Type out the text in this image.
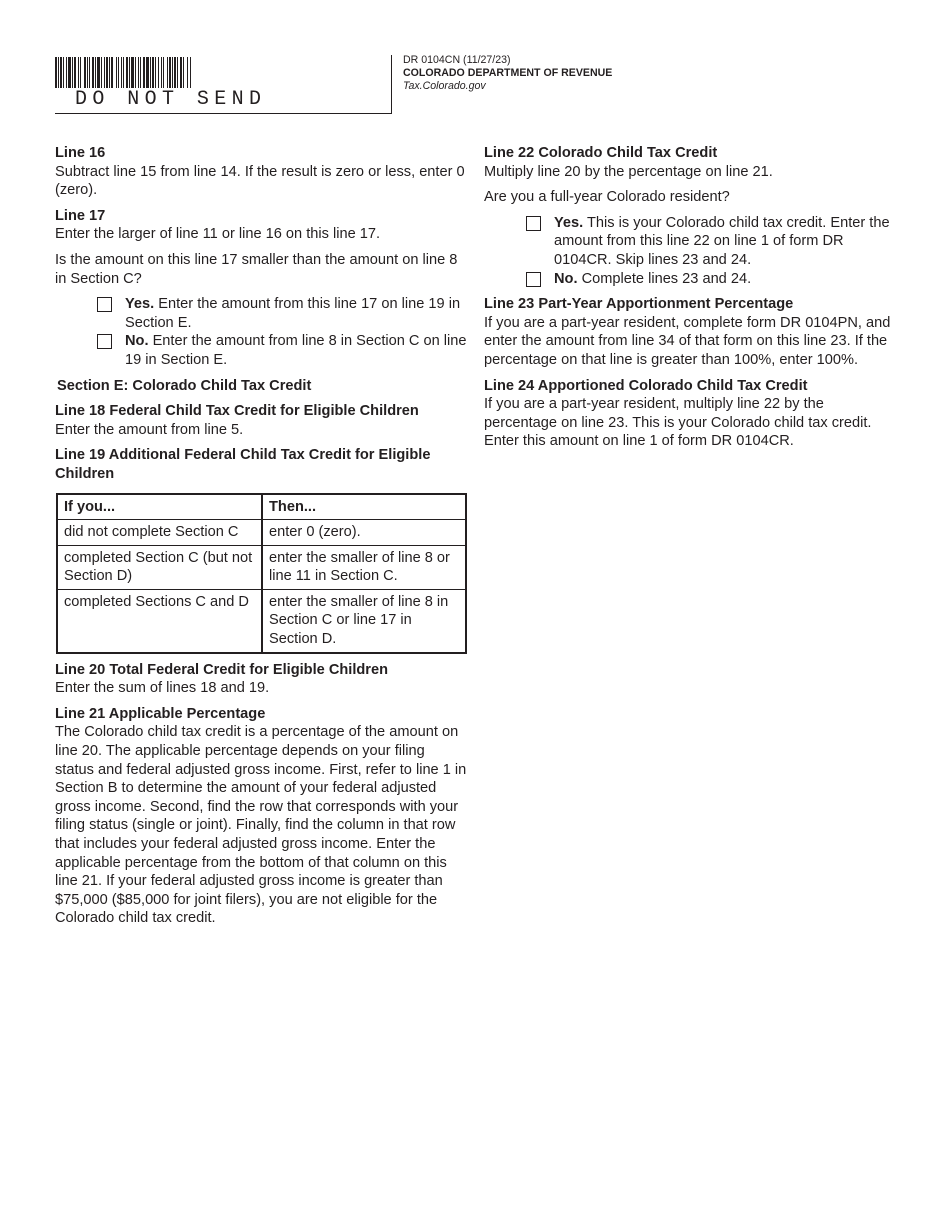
DO NOT SEND
DR 0104CN (11/27/23)
COLORADO DEPARTMENT OF REVENUE
Tax.Colorado.gov
Line 16
Subtract line 15 from line 14. If the result is zero or less, enter 0 (zero).
Line 17

Enter the larger of line 11 or line 16 on this line 17.

Is the amount on this line 17 smaller than the amount on line 8 in Section C?

Yes. Enter the amount from this line 17 on line 19 in Section E.
No. Enter the amount from line 8 in Section C on line 19 in Section E.
Section E: Colorado Child Tax Credit
Line 18 Federal Child Tax Credit for Eligible Children
Enter the amount from line 5.
Line 19 Additional Federal Child Tax Credit for Eligible Children
If you...	Then...
did not complete Section C	enter 0 (zero).
completed Section C (but not Section D)	enter the smaller of line 8 or line 11 in Section C.
completed Sections C and D	enter the smaller of line 8 in Section C or line 17 in Section D.
Line 20 Total Federal Credit for Eligible Children
Enter the sum of lines 18 and 19.
Line 21 Applicable Percentage
The Colorado child tax credit is a percentage of the amount on line 20. The applicable percentage depends on your filing status and federal adjusted gross income. First, refer to line 1 in Section B to determine the amount of your federal adjusted gross income. Second, find the row that corresponds with your filing status (single or joint). Finally, find the column in that row that includes your federal adjusted gross income. Enter the applicable percentage from the bottom of that column on this line 21. If your federal adjusted gross income is greater than $75,000 ($85,000 for joint filers), you are not eligible for the Colorado child tax credit.
Line 22 Colorado Child Tax Credit

Multiply line 20 by the percentage on line 21.

Are you a full-year Colorado resident?

Yes. This is your Colorado child tax credit. Enter the amount from this line 22 on line 1 of form DR 0104CR. Skip lines 23 and 24.
No. Complete lines 23 and 24.
Line 23 Part-Year Apportionment Percentage
If you are a part-year resident, complete form DR 0104PN, and enter the amount from line 34 of that form on this line 23. If the percentage on that line is greater than 100%, enter 100%.
Line 24 Apportioned Colorado Child Tax Credit
If you are a part-year resident, multiply line 22 by the percentage on line 23. This is your Colorado child tax credit. Enter this amount on line 1 of form DR 0104CR.
